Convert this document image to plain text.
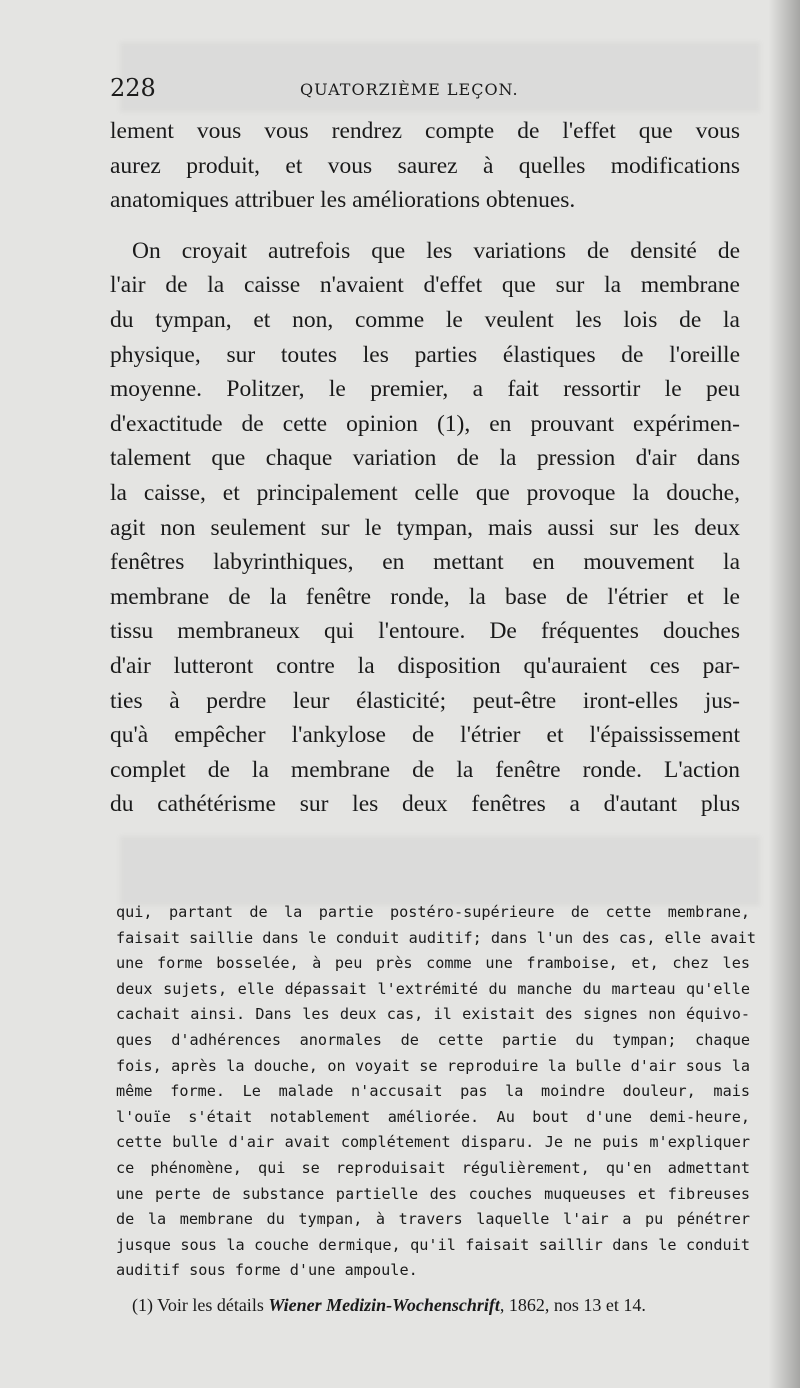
228	QUATORZIÈME LEÇON.
lement vous vous rendrez compte de l'effet que vous
aurez produit, et vous saurez à quelles modifications
anatomiques attribuer les améliorations obtenues.
On croyait autrefois que les variations de densité de
l'air de la caisse n'avaient d'effet que sur la membrane
du tympan, et non, comme le veulent les lois de la
physique, sur toutes les parties élastiques de l'oreille
moyenne. Politzer, le premier, a fait ressortir le peu
d'exactitude de cette opinion (1), en prouvant expérimen-
talement que chaque variation de la pression d'air dans
la caisse, et principalement celle que provoque la douche,
agit non seulement sur le tympan, mais aussi sur les deux
fenêtres labyrinthiques, en mettant en mouvement la
membrane de la fenêtre ronde, la base de l'étrier et le
tissu membraneux qui l'entoure. De fréquentes douches
d'air lutteront contre la disposition qu'auraient ces par-
ties à perdre leur élasticité; peut-être iront-elles jus-
qu'à empêcher l'ankylose de l'étrier et l'épaississement
complet de la membrane de la fenêtre ronde. L'action
du cathétérisme sur les deux fenêtres a d'autant plus
qui, partant de la partie postéro-supérieure de cette membrane,
faisait saillie dans le conduit auditif; dans l'un des cas, elle avait
une forme bosselée, à peu près comme une framboise, et, chez les
deux sujets, elle dépassait l'extrémité du manche du marteau qu'elle
cachait ainsi. Dans les deux cas, il existait des signes non équivo-
ques d'adhérences anormales de cette partie du tympan; chaque
fois, après la douche, on voyait se reproduire la bulle d'air sous la
même forme. Le malade n'accusait pas la moindre douleur, mais
l'ouïe s'était notablement améliorée. Au bout d'une demi-heure,
cette bulle d'air avait complétement disparu. Je ne puis m'expliquer
ce phénomène, qui se reproduisait régulièrement, qu'en admettant
une perte de substance partielle des couches muqueuses et fibreuses
de la membrane du tympan, à travers laquelle l'air a pu pénétrer
jusque sous la couche dermique, qu'il faisait saillir dans le conduit
auditif sous forme d'une ampoule.
(1) Voir les détails Wiener Medizin-Wochenschrift, 1862, nos 13 et 14.
